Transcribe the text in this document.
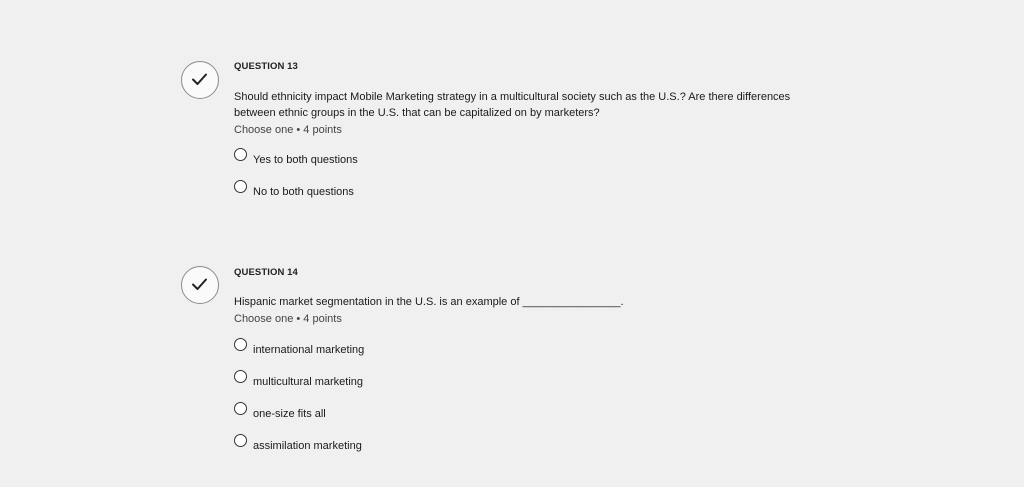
QUESTION 13
Should ethnicity impact Mobile Marketing strategy in a multicultural society such as the U.S.? Are there differences between ethnic groups in the U.S. that can be capitalized on by marketers?
Choose one • 4 points
Yes to both questions
No to both questions
QUESTION 14
Hispanic market segmentation in the U.S. is an example of ________________.
Choose one • 4 points
international marketing
multicultural marketing
one-size fits all
assimilation marketing
